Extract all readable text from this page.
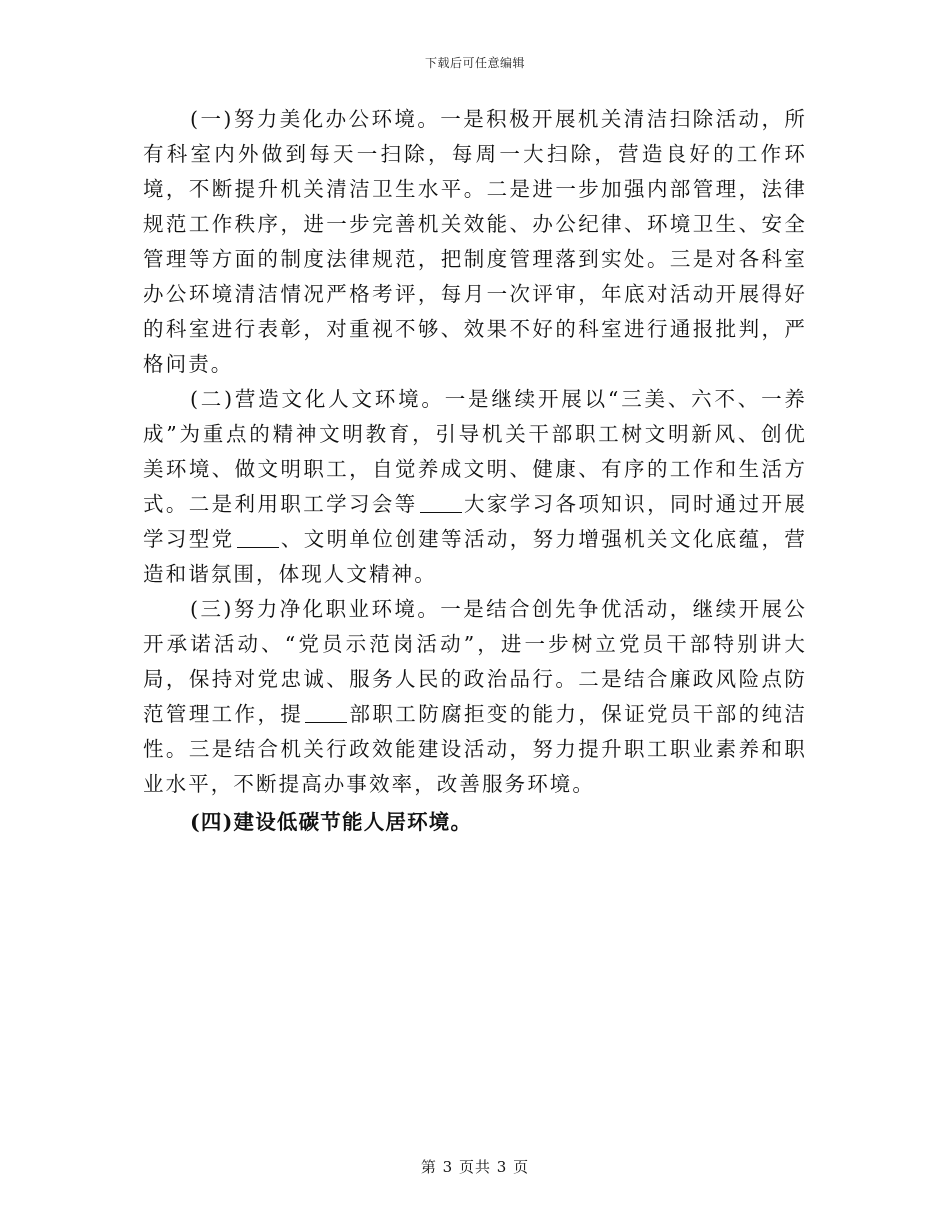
下载后可任意编辑

(一)努力美化办公环境。一是积极开展机关清洁扫除活动，所有科室内外做到每天一扫除，每周一大扫除，营造良好的工作环境，不断提升机关清洁卫生水平。二是进一步加强内部管理，法律规范工作秩序，进一步完善机关效能、办公纪律、环境卫生、安全管理等方面的制度法律规范，把制度管理落到实处。三是对各科室办公环境清洁情况严格考评，每月一次评审，年底对活动开展得好的科室进行表彰，对重视不够、效果不好的科室进行通报批判，严格问责。

(二)营造文化人文环境。一是继续开展以“三美、六不、一养成”为重点的精神文明教育，引导机关干部职工树文明新风、创优美环境、做文明职工，自觉养成文明、健康、有序的工作和生活方式。二是利用职工学习会等 大家学习各项知识，同时通过开展学习型党 、文明单位创建等活动，努力增强机关文化底蕴，营造和谐氛围，体现人文精神。

(三)努力净化职业环境。一是结合创先争优活动，继续开展公开承诺活动、“党员示范岗活动”，进一步树立党员干部特别讲大局，保持对党忠诚、服务人民的政治品行。二是结合廉政风险点防范管理工作，提 部职工防腐拒变的能力，保证党员干部的纯洁性。三是结合机关行政效能建设活动，努力提升职工职业素养和职业水平，不断提高办事效率，改善服务环境。

(四)建设低碳节能人居环境。

第 3 页共 3 页
